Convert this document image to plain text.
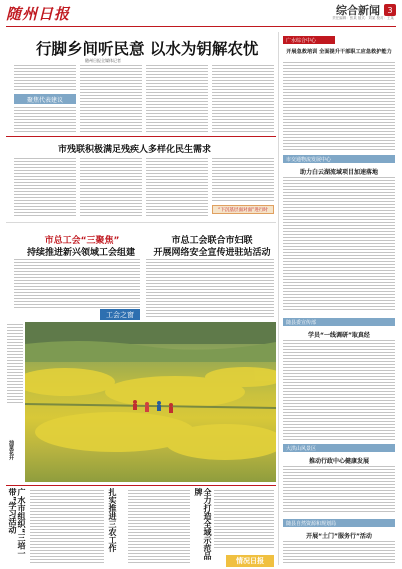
随州日报	综合新闻 3
责任编辑：张某 版式：刘某 校对：王某
行脚乡间听民意 以水为钥解农忧
随州日报全媒体记者
聚焦代表建议
市残联积极满足残疾人多样化民生需求
“下沉基层面对面”进行时
市总工会“三聚焦”
持续推进新兴领域工会组建
工会之窗
市总工会联合市妇联
开展网络安全宣传进驻站活动
油菜花开
广水市组织“三培一带”学习活动	扎实推进三农工作	全力打造全域示范品牌
情况日报
广水综合中心
开展急救培训 全面提升干部职工应急救护能力
市交通物流发展中心
助力白云湖流域项目加速落地
随县委宣传部
学员“一线调研”取真经
大洪山风景区
推动行政中心健康发展
随县自然资源和规划局
开展“土门”服务行”活动
